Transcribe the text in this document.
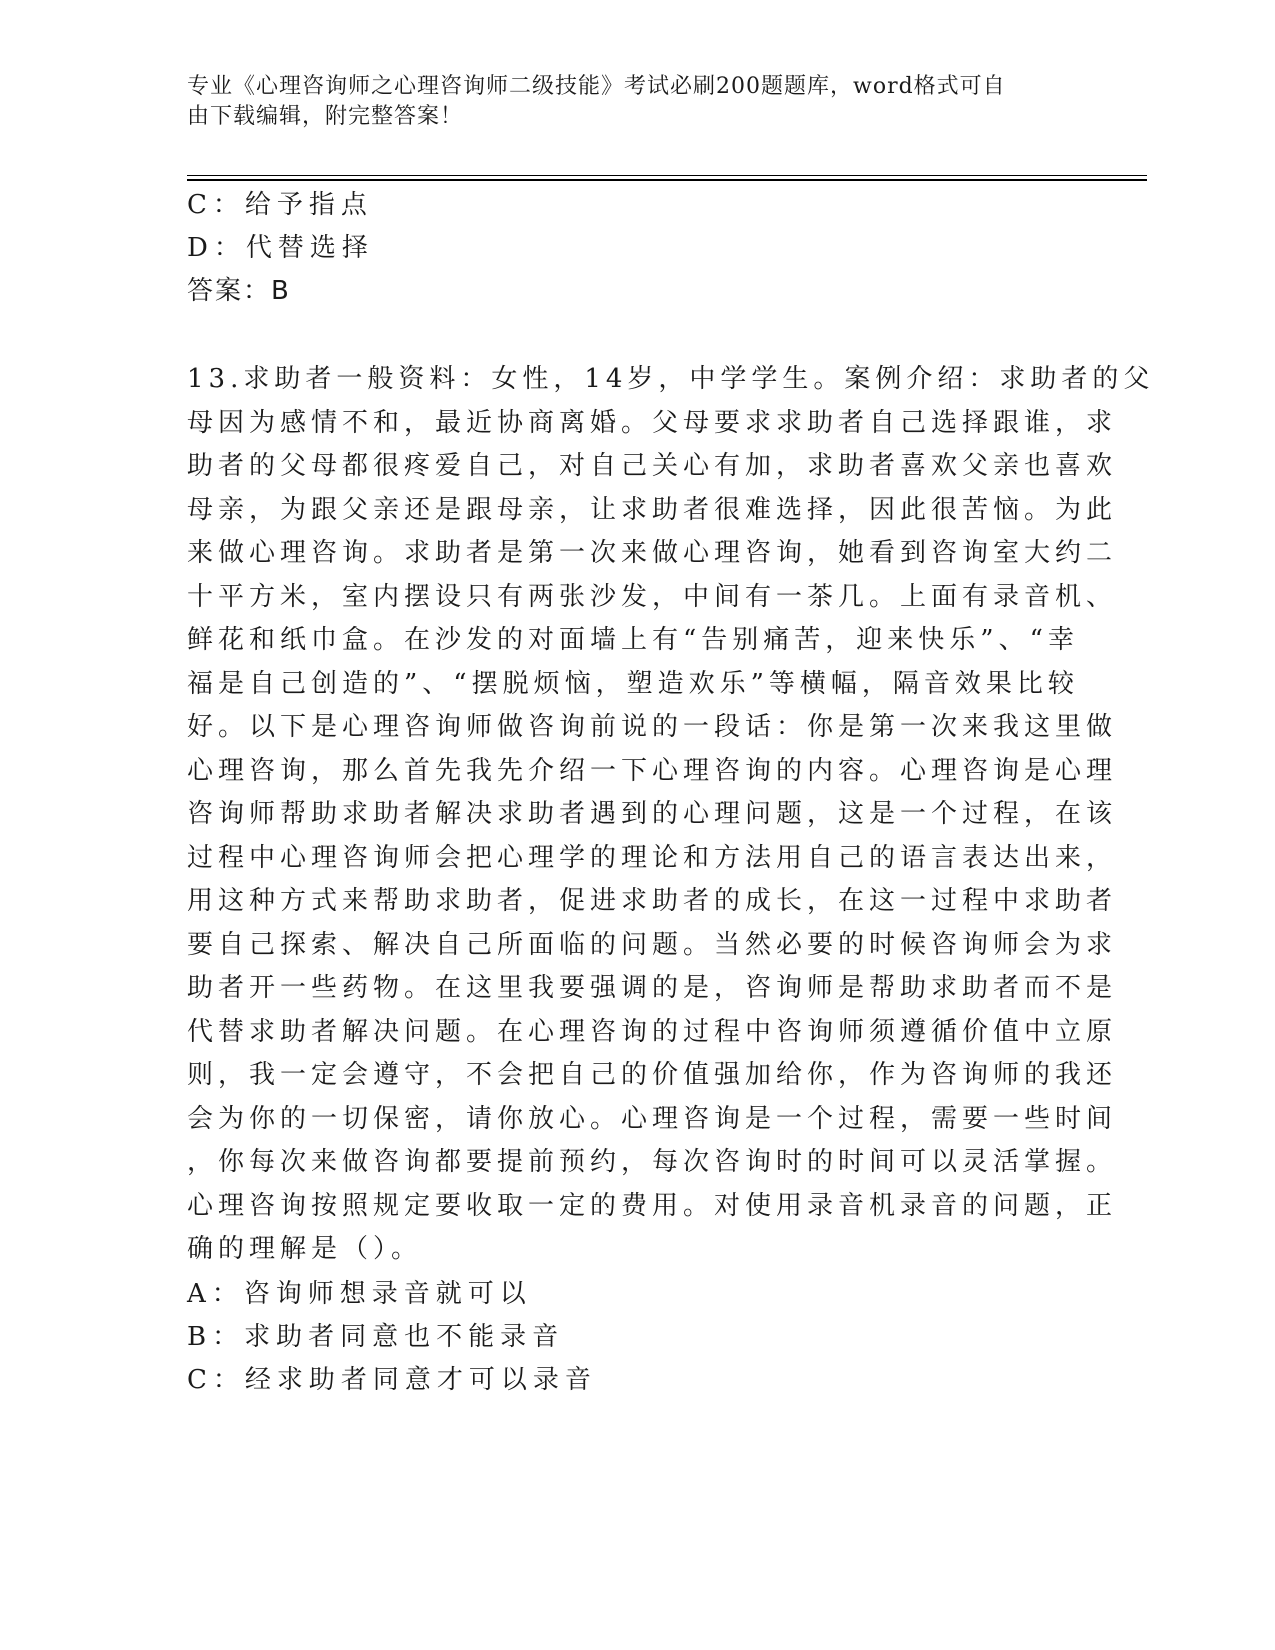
专业《心理咨询师之心理咨询师二级技能》考试必刷200题题库，word格式可自
由下载编辑，附完整答案！
C：给予指点
D：代替选择
答案：B
13.求助者一般资料：女性，14岁，中学学生。案例介绍：求助者的父
母因为感情不和，最近协商离婚。父母要求求助者自己选择跟谁，求
助者的父母都很疼爱自己，对自己关心有加，求助者喜欢父亲也喜欢
母亲，为跟父亲还是跟母亲，让求助者很难选择，因此很苦恼。为此
来做心理咨询。求助者是第一次来做心理咨询，她看到咨询室大约二
十平方米，室内摆设只有两张沙发，中间有一茶几。上面有录音机、
鲜花和纸巾盒。在沙发的对面墙上有“告别痛苦，迎来快乐”、“幸
福是自己创造的”、“摆脱烦恼，塑造欢乐”等横幅，隔音效果比较
好。以下是心理咨询师做咨询前说的一段话：你是第一次来我这里做
心理咨询，那么首先我先介绍一下心理咨询的内容。心理咨询是心理
咨询师帮助求助者解决求助者遇到的心理问题，这是一个过程，在该
过程中心理咨询师会把心理学的理论和方法用自己的语言表达出来，
用这种方式来帮助求助者，促进求助者的成长，在这一过程中求助者
要自己探索、解决自己所面临的问题。当然必要的时候咨询师会为求
助者开一些药物。在这里我要强调的是，咨询师是帮助求助者而不是
代替求助者解决问题。在心理咨询的过程中咨询师须遵循价值中立原
则，我一定会遵守，不会把自己的价值强加给你，作为咨询师的我还
会为你的一切保密，请你放心。心理咨询是一个过程，需要一些时间
，你每次来做咨询都要提前预约，每次咨询时的时间可以灵活掌握。
心理咨询按照规定要收取一定的费用。对使用录音机录音的问题，正
确的理解是（）。
A：咨询师想录音就可以
B：求助者同意也不能录音
C：经求助者同意才可以录音
